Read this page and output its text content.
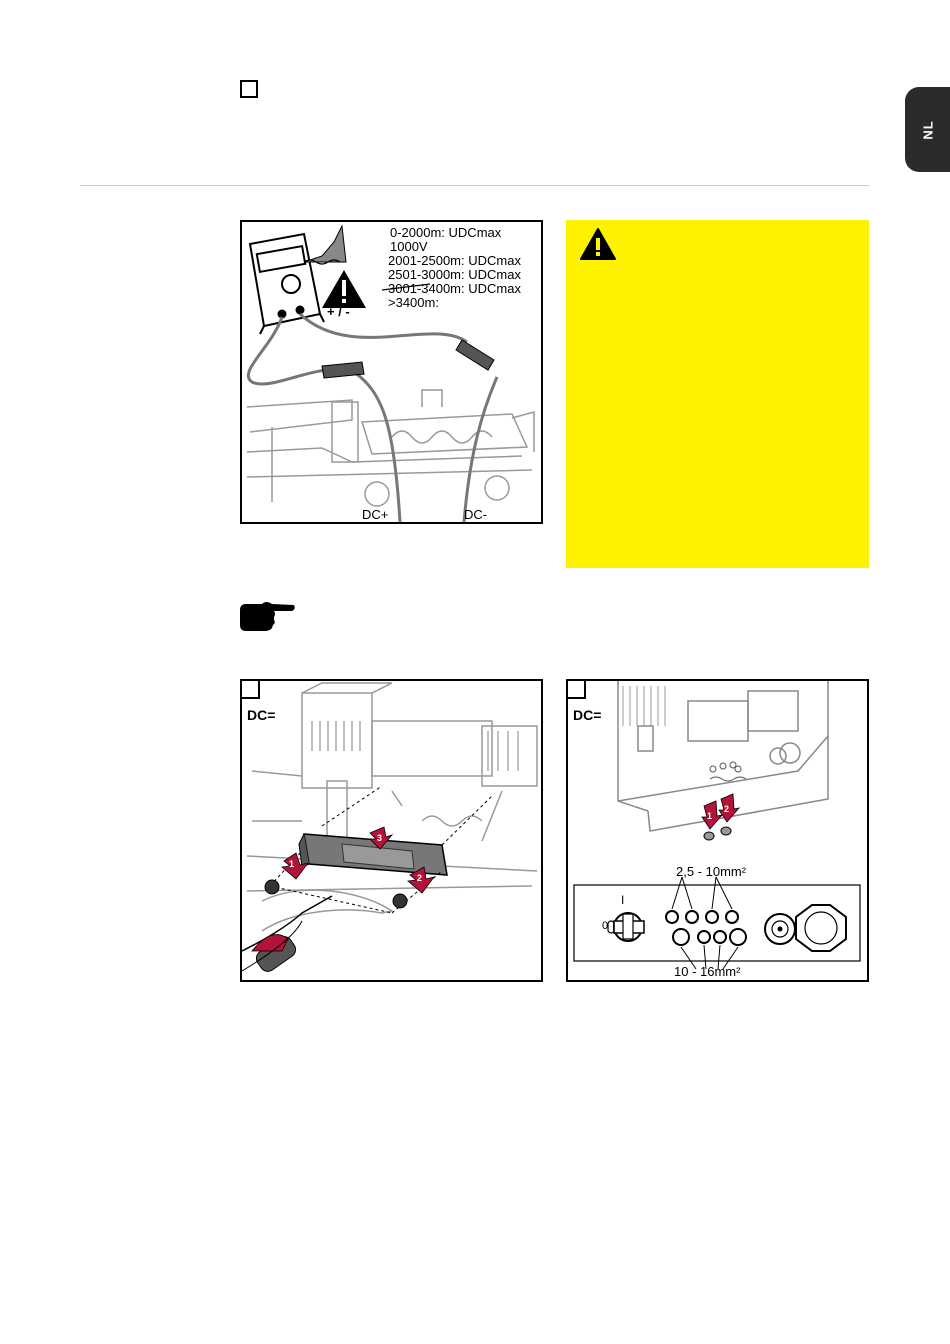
NL
0-2000m: UDCmax 1000V
2001-2500m: UDCmax
2501-3000m: UDCmax
3001-3400m: UDCmax
>3400m:
+ / -
DC+	DC-
DC=
1
2
3
DC=
1
2
I
0
2,5 - 10mm²
10 - 16mm²
